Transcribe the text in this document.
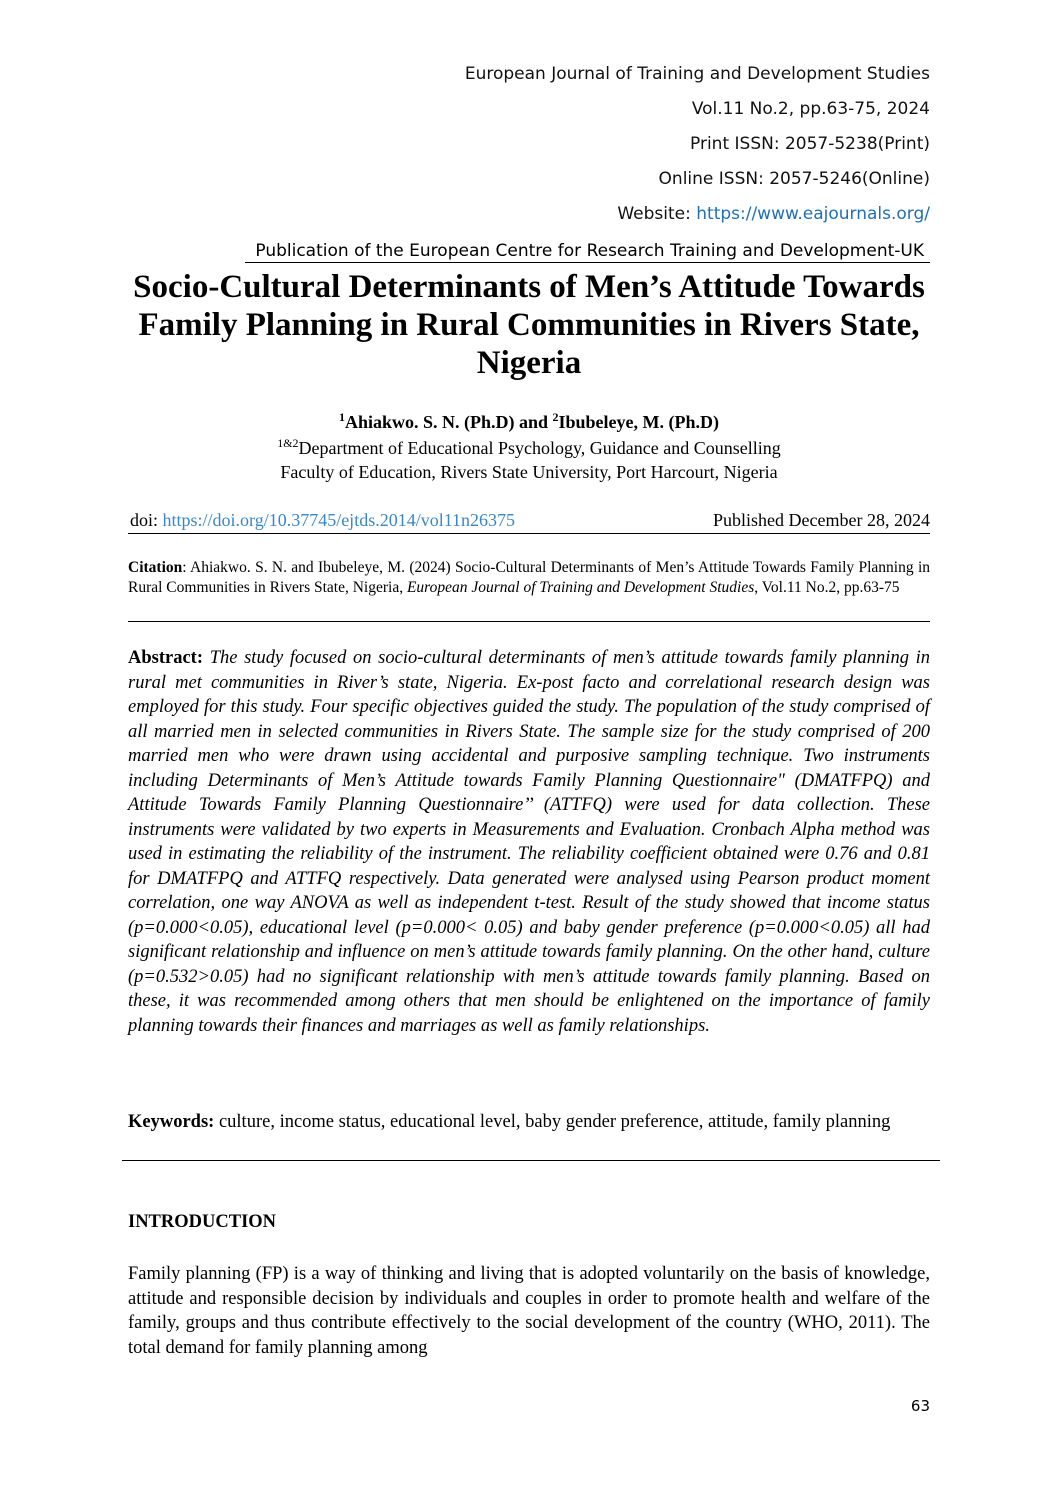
European Journal of Training and Development Studies
Vol.11 No.2, pp.63-75, 2024
Print ISSN: 2057-5238(Print)
Online ISSN: 2057-5246(Online)
Website: https://www.eajournals.org/
Publication of the European Centre for Research Training and Development-UK
Socio-Cultural Determinants of Men’s Attitude Towards Family Planning in Rural Communities in Rivers State, Nigeria
$^1$Ahiakwo. S. N. (Ph.D) and $^2$Ibubeleye, M. (Ph.D)
$^{1\&2}$Department of Educational Psychology, Guidance and Counselling
Faculty of Education, Rivers State University, Port Harcourt, Nigeria
doi: https://doi.org/10.37745/ejtds.2014/vol11n26375	Published December 28, 2024
Citation: Ahiakwo. S. N. and Ibubeleye, M. (2024) Socio-Cultural Determinants of Men’s Attitude Towards Family Planning in Rural Communities in Rivers State, Nigeria, European Journal of Training and Development Studies, Vol.11 No.2, pp.63-75
Abstract: The study focused on socio-cultural determinants of men’s attitude towards family planning in rural met communities in River’s state, Nigeria. Ex-post facto and correlational research design was employed for this study. Four specific objectives guided the study. The population of the study comprised of all married men in selected communities in Rivers State. The sample size for the study comprised of 200 married men who were drawn using accidental and purposive sampling technique. Two instruments including Determinants of Men’s Attitude towards Family Planning Questionnaire" (DMATFPQ) and Attitude Towards Family Planning Questionnaire’’ (ATTFQ) were used for data collection. These instruments were validated by two experts in Measurements and Evaluation. Cronbach Alpha method was used in estimating the reliability of the instrument. The reliability coefficient obtained were 0.76 and 0.81 for DMATFPQ and ATTFQ respectively. Data generated were analysed using Pearson product moment correlation, one way ANOVA as well as independent t-test. Result of the study showed that income status (p=0.000<0.05), educational level (p=0.000< 0.05) and baby gender preference (p=0.000<0.05) all had significant relationship and influence on men’s attitude towards family planning. On the other hand, culture (p=0.532>0.05) had no significant relationship with men’s attitude towards family planning. Based on these, it was recommended among others that men should be enlightened on the importance of family planning towards their finances and marriages as well as family relationships.
Keywords: culture, income status, educational level, baby gender preference, attitude, family planning
INTRODUCTION
Family planning (FP) is a way of thinking and living that is adopted voluntarily on the basis of knowledge, attitude and responsible decision by individuals and couples in order to promote health and welfare of the family, groups and thus contribute effectively to the social development of the country (WHO, 2011). The total demand for family planning among
63
